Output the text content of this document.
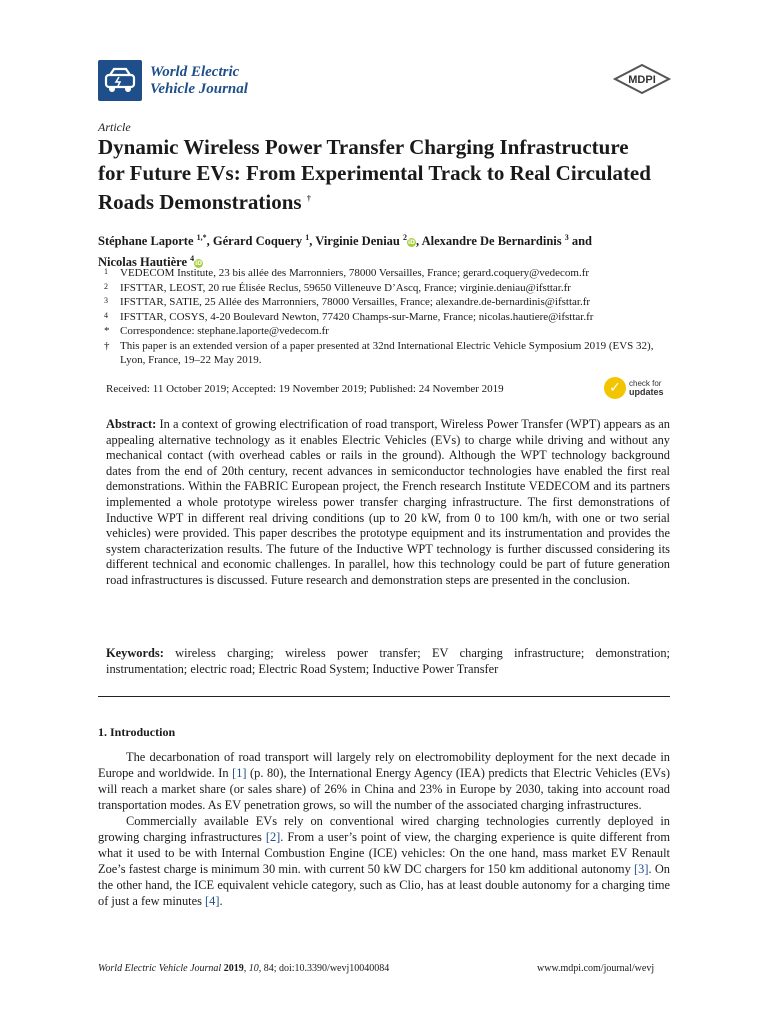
World Electric
Vehicle Journal
MDPI
Article
Dynamic Wireless Power Transfer Charging Infrastructure for Future EVs: From Experimental Track to Real Circulated Roads Demonstrations †
Stéphane Laporte $^{1,*}$, Gérard Coquery $^1$, Virginie Deniau $^2$iD, Alexandre De Bernardinis $^3$ and
Nicolas Hautière $^4$iD
1 VEDECOM Institute, 23 bis allée des Marronniers, 78000 Versailles, France; gerard.coquery@vedecom.fr
2 IFSTTAR, LEOST, 20 rue Élisée Reclus, 59650 Villeneuve D’Ascq, France; virginie.deniau@ifsttar.fr
3 IFSTTAR, SATIE, 25 Allée des Marronniers, 78000 Versailles, France; alexandre.de-bernardinis@ifsttar.fr
4 IFSTTAR, COSYS, 4-20 Boulevard Newton, 77420 Champs-sur-Marne, France; nicolas.hautiere@ifsttar.fr
* Correspondence: stephane.laporte@vedecom.fr
† This paper is an extended version of a paper presented at 32nd International Electric Vehicle Symposium 2019 (EVS 32), Lyon, France, 19–22 May 2019.
Received: 11 October 2019; Accepted: 19 November 2019; Published: 24 November 2019	✓	check for
updates
Abstract: In a context of growing electrification of road transport, Wireless Power Transfer (WPT) appears as an appealing alternative technology as it enables Electric Vehicles (EVs) to charge while driving and without any mechanical contact (with overhead cables or rails in the ground). Although the WPT technology background dates from the end of 20th century, recent advances in semiconductor technologies have enabled the first real demonstrations. Within the FABRIC European project, the French research Institute VEDECOM and its partners implemented a whole prototype wireless power transfer charging infrastructure. The first demonstrations of Inductive WPT in different real driving conditions (up to 20 kW, from 0 to 100 km/h, with one or two serial vehicles) were provided. This paper describes the prototype equipment and its instrumentation and provides the system characterization results. The future of the Inductive WPT technology is further discussed considering its different technical and economic challenges. In parallel, how this technology could be part of future generation road infrastructures is discussed. Future research and demonstration steps are presented in the conclusion.
Keywords: wireless charging; wireless power transfer; EV charging infrastructure; demonstration; instrumentation; electric road; Electric Road System; Inductive Power Transfer
1. Introduction

The decarbonation of road transport will largely rely on electromobility deployment for the next decade in Europe and worldwide. In [1] (p. 80), the International Energy Agency (IEA) predicts that Electric Vehicles (EVs) will reach a market share (or sales share) of 26% in China and 23% in Europe by 2030, taking into account road transportation modes. As EV penetration grows, so will the number of the associated charging infrastructures.

Commercially available EVs rely on conventional wired charging technologies currently deployed in growing charging infrastructures [2]. From a user’s point of view, the charging experience is quite different from what it used to be with Internal Combustion Engine (ICE) vehicles: On the one hand, mass market EV Renault Zoe’s fastest charge is minimum 30 min. with current 50 kW DC chargers for 150 km additional autonomy [3]. On the other hand, the ICE equivalent vehicle category, such as Clio, has at least double autonomy for a charging time of just a few minutes [4].

World Electric Vehicle Journal 2019, 10, 84; doi:10.3390/wevj10040084	www.mdpi.com/journal/wevj
